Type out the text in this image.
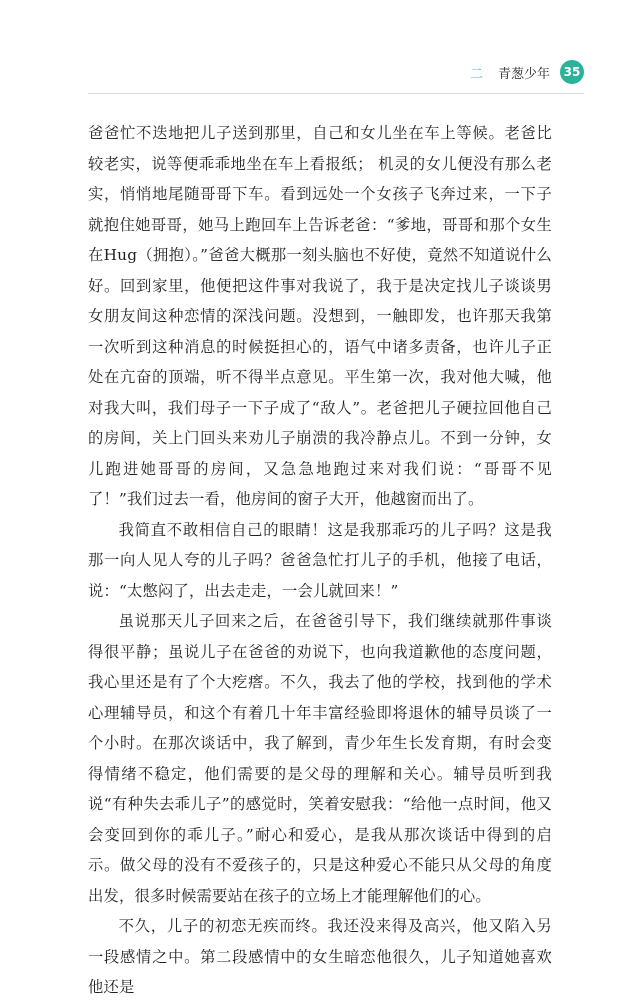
二 青葱少年	35

爸爸忙不迭地把儿子送到那里，自己和女儿坐在车上等候。老爸比较老实，说等便乖乖地坐在车上看报纸； 机灵的女儿便没有那么老实，悄悄地尾随哥哥下车。看到远处一个女孩子飞奔过来，一下子就抱住她哥哥，她马上跑回车上告诉老爸：“爹地，哥哥和那个女生在Hug（拥抱）。”爸爸大概那一刻头脑也不好使，竟然不知道说什么好。回到家里，他便把这件事对我说了，我于是决定找儿子谈谈男女朋友间这种恋情的深浅问题。没想到，一触即发，也许那天我第一次听到这种消息的时候挺担心的，语气中诸多责备，也许儿子正处在亢奋的顶端，听不得半点意见。平生第一次，我对他大喊，他对我大叫，我们母子一下子成了“敌人”。老爸把儿子硬拉回他自己的房间，关上门回头来劝儿子崩溃的我冷静点儿。不到一分钟，女儿跑进她哥哥的房间，又急急地跑过来对我们说：“哥哥不见了！”我们过去一看，他房间的窗子大开，他越窗而出了。

我简直不敢相信自己的眼睛！这是我那乖巧的儿子吗？这是我那一向人见人夸的儿子吗？爸爸急忙打儿子的手机，他接了电话，说：“太憋闷了，出去走走，一会儿就回来！”

虽说那天儿子回来之后，在爸爸引导下，我们继续就那件事谈得很平静；虽说儿子在爸爸的劝说下，也向我道歉他的态度问题，我心里还是有了个大疙瘩。不久，我去了他的学校，找到他的学术心理辅导员，和这个有着几十年丰富经验即将退休的辅导员谈了一个小时。在那次谈话中，我了解到，青少年生长发育期，有时会变得情绪不稳定，他们需要的是父母的理解和关心。辅导员听到我说“有种失去乖儿子”的感觉时，笑着安慰我：“给他一点时间，他又会变回到你的乖儿子。”耐心和爱心，是我从那次谈话中得到的启示。做父母的没有不爱孩子的，只是这种爱心不能只从父母的角度出发，很多时候需要站在孩子的立场上才能理解他们的心。

不久，儿子的初恋无疾而终。我还没来得及高兴，他又陷入另一段感情之中。第二段感情中的女生暗恋他很久，儿子知道她喜欢他还是
